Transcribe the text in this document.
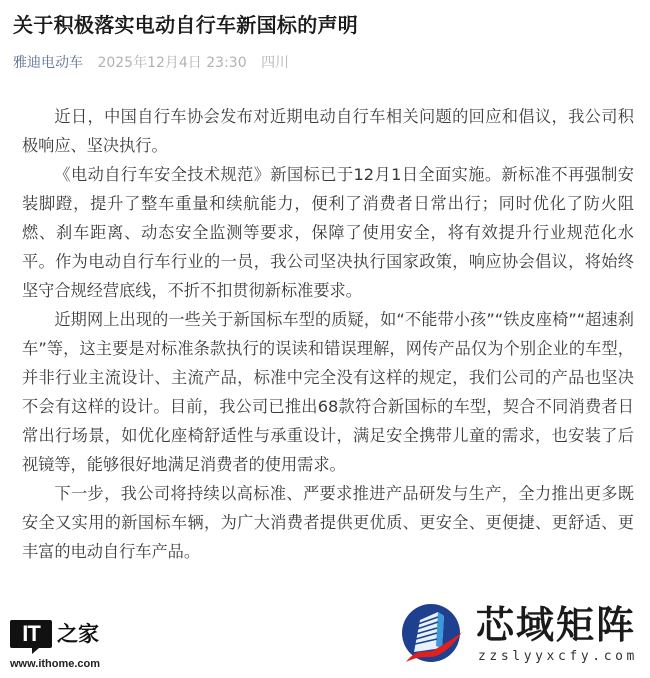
关于积极落实电动自行车新国标的声明
雅迪电动车 2025年12月4日 23:30 四川

近日，中国自行车协会发布对近期电动自行车相关问题的回应和倡议，我公司积极响应、坚决执行。

《电动自行车安全技术规范》新国标已于12月1日全面实施。新标准不再强制安装脚蹬，提升了整车重量和续航能力，便利了消费者日常出行；同时优化了防火阻燃、刹车距离、动态安全监测等要求，保障了使用安全，将有效提升行业规范化水平。作为电动自行车行业的一员，我公司坚决执行国家政策，响应协会倡议，将始终坚守合规经营底线，不折不扣贯彻新标准要求。

近期网上出现的一些关于新国标车型的质疑，如“不能带小孩”“铁皮座椅”“超速刹车”等，这主要是对标准条款执行的误读和错误理解，网传产品仅为个别企业的车型，并非行业主流设计、主流产品，标准中完全没有这样的规定，我们公司的产品也坚决不会有这样的设计。目前，我公司已推出68款符合新国标的车型，契合不同消费者日常出行场景，如优化座椅舒适性与承重设计，满足安全携带儿童的需求，也安装了后视镜等，能够很好地满足消费者的使用需求。

下一步，我公司将持续以高标准、严要求推进产品研发与生产，全力推出更多既安全又实用的新国标车辆，为广大消费者提供更优质、更安全、更便捷、更舒适、更丰富的电动自行车产品。

IT 之家
www.ithome.com
芯域矩阵
zzslyyxcfy.com
